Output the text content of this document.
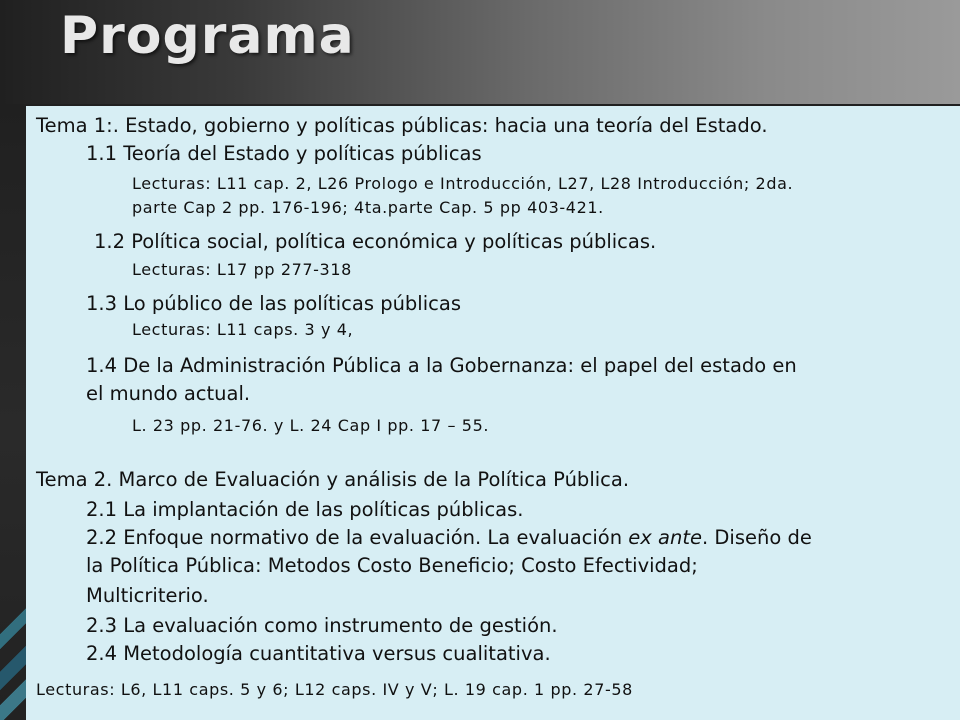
Programa
Tema 1:. Estado, gobierno y políticas públicas: hacia una teoría del Estado.
1.1 Teoría del Estado y políticas públicas
Lecturas: L11 cap. 2, L26 Prologo e Introducción, L27, L28 Introducción; 2da.
parte Cap 2 pp. 176-196; 4ta.parte Cap. 5 pp 403-421.
1.2 Política social, política económica y políticas públicas.
Lecturas: L17 pp 277-318
1.3 Lo público de las políticas públicas
Lecturas: L11 caps. 3 y 4,
1.4 De la Administración Pública a la Gobernanza: el papel del estado en
el mundo actual.
L. 23 pp. 21-76. y L. 24 Cap I pp. 17 – 55.
Tema 2. Marco de Evaluación y análisis de la Política Pública.
2.1 La implantación de las políticas públicas.
2.2 Enfoque normativo de la evaluación. La evaluación ex ante. Diseño de
la Política Pública: Metodos Costo Beneficio; Costo Efectividad;
Multicriterio.
2.3 La evaluación como instrumento de gestión.
2.4 Metodología cuantitativa versus cualitativa.
Lecturas: L6, L11 caps. 5 y 6; L12 caps. IV y V; L. 19 cap. 1 pp. 27-58
